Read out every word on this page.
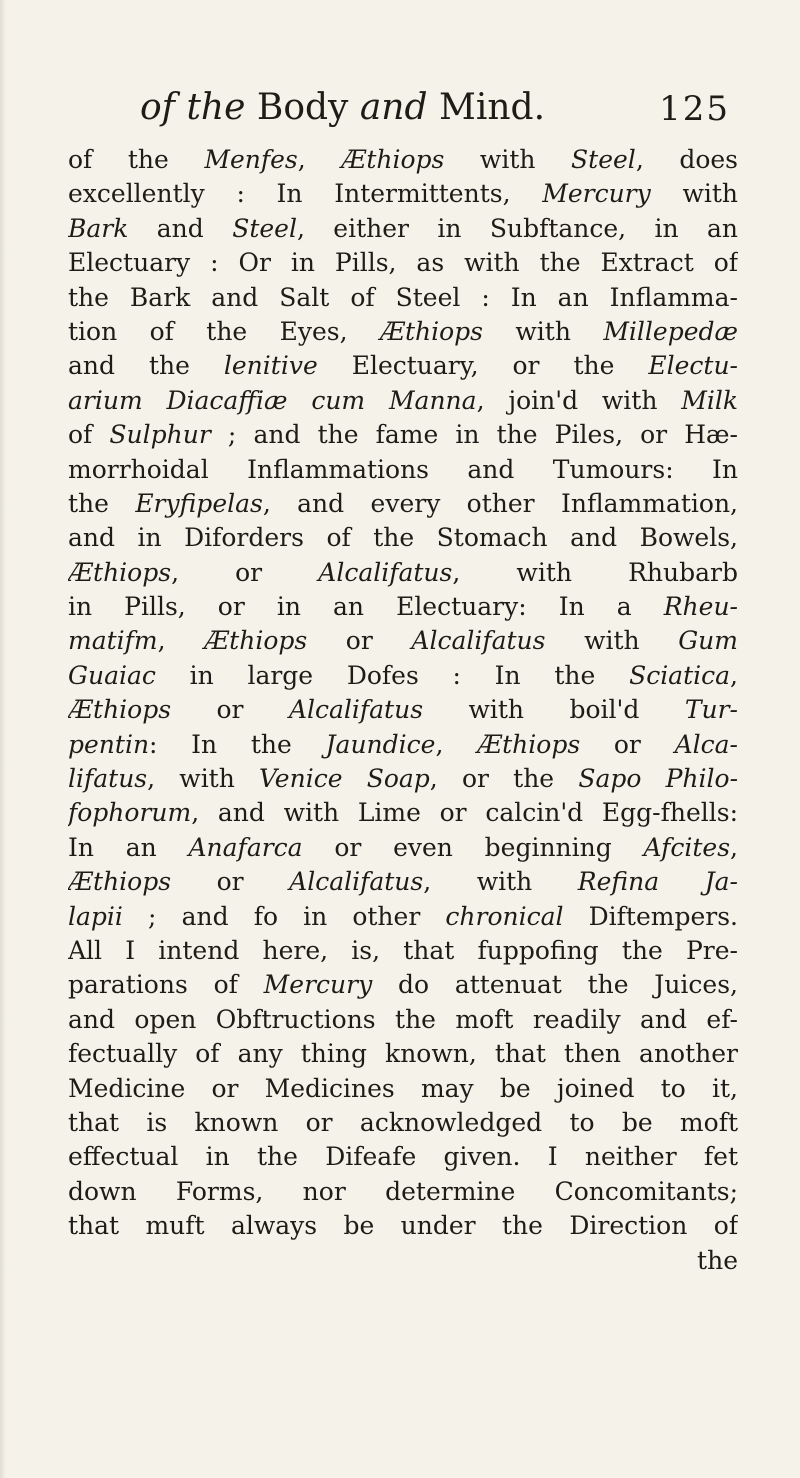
of the Body and Mind.	125
of the Menfes, Æthiops with Steel, does
excellently : In Intermittents, Mercury with
Bark and Steel, either in Subftance, in an
Electuary : Or in Pills, as with the Extract of
the Bark and Salt of Steel : In an Inflamma-
tion of the Eyes, Æthiops with Millepedæ
and the lenitive Electuary, or the Electu-
arium Diacaffiæ cum Manna, join'd with Milk
of Sulphur ; and the fame in the Piles, or Hæ-
morrhoidal Inflammations and Tumours: In
the Eryfipelas, and every other Inflammation,
and in Diforders of the Stomach and Bowels,
Æthiops, or Alcalifatus, with Rhubarb
in Pills, or in an Electuary: In a Rheu-
matifm, Æthiops or Alcalifatus with Gum
Guaiac in large Dofes : In the Sciatica,
Æthiops or Alcalifatus with boil'd Tur-
pentin: In the Jaundice, Æthiops or Alca-
lifatus, with Venice Soap, or the Sapo Philo-
fophorum, and with Lime or calcin'd Egg-fhells:
In an Anafarca or even beginning Afcites,
Æthiops or Alcalifatus, with Refina Ja-
lapii ; and fo in other chronical Diftempers.
All I intend here, is, that fuppofing the Pre-
parations of Mercury do attenuat the Juices,
and open Obftructions the moft readily and ef-
fectually of any thing known, that then another
Medicine or Medicines may be joined to it,
that is known or acknowledged to be moft
effectual in the Difeafe given. I neither fet
down Forms, nor determine Concomitants;
that muft always be under the Direction of
the
